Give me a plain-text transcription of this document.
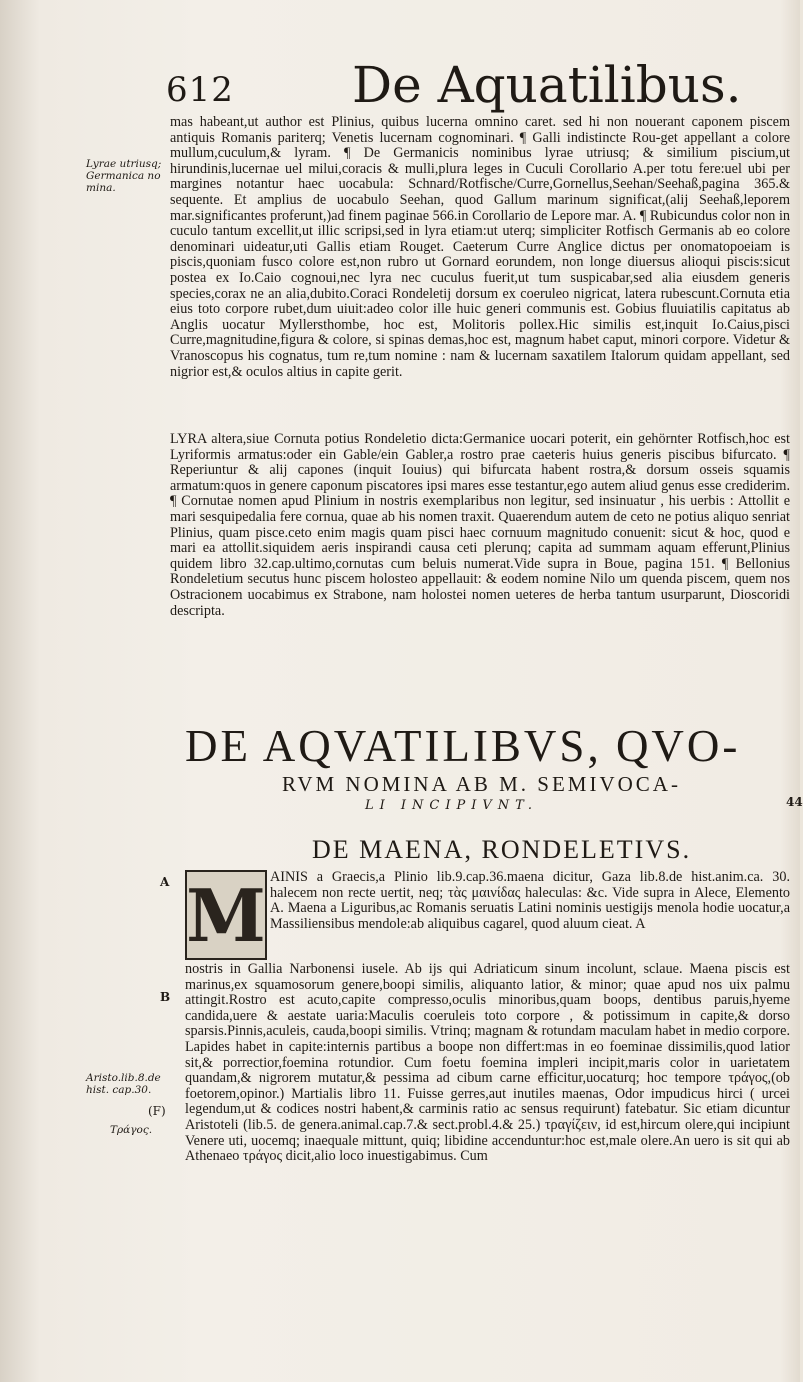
612 De Aquatilibus.
Lyrae utriusq; Germanica no mina.
mas habeant,ut author est Plinius, quibus lucerna omnino caret. sed hi non nouerant caponem piscem antiquis Romanis pariterq; Venetis lucernam cognominari. ¶ Galli indistincte Rou-get appellant a colore mullum,cuculum,& lyram. ¶ De Germanicis nominibus lyrae utriusq; & similium piscium,ut hirundinis,lucernae uel milui,coracis & mulli,plura leges in Cuculi Corollario A.per totu fere:uel ubi per margines notantur haec uocabula: Schnard/Rotfische/Curre,Gornellus,Seehan/Seehaß,pagina 365.& sequente. Et amplius de uocabulo Seehan, quod Gallum marinum significat,(alij Seehaß,leporem mar.significantes proferunt,)ad finem paginae 566.in Corollario de Lepore mar. A. ¶ Rubicundus color non in cuculo tantum excellit,ut illic scripsi,sed in lyra etiam:ut uterq; simpliciter Rotfisch Germanis ab eo colore denominari uideatur,uti Gallis etiam Rouget. Caeterum Curre Anglice dictus per onomatopoeiam is piscis,quoniam fusco colore est,non rubro ut Gornard eorundem, non longe diuersus alioqui piscis:sicut postea ex Io.Caio cognoui,nec lyra nec cuculus fuerit,ut tum suspicabar,sed alia eiusdem generis species,corax ne an alia,dubito.Coraci Rondeletij dorsum ex coeruleo nigricat, latera rubescunt.Cornuta etia eius toto corpore rubet,dum uiuit:adeo color ille huic generi communis est. Gobius fluuiatilis capitatus ab Anglis uocatur Myllersthombe, hoc est, Molitoris pollex.Hic similis est,inquit Io.Caius,pisci Curre,magnitudine,figura & colore, si spinas demas,hoc est, magnum habet caput, minori corpore. Videtur & Vranoscopus his cognatus, tum re,tum nomine : nam & lucernam saxatilem Italorum quidam appellant, sed nigrior est,& oculos altius in capite gerit.
LYRA altera,siue Cornuta potius Rondeletio dicta:Germanice uocari poterit, ein gehörnter Rotfisch,hoc est Lyriformis armatus:oder ein Gable/ein Gabler,a rostro prae caeteris huius generis piscibus bifurcato. ¶ Reperiuntur & alij capones (inquit Iouius) qui bifurcata habent rostra,& dorsum osseis squamis armatum:quos in genere caponum piscatores ipsi mares esse testantur,ego autem aliud genus esse crediderim. ¶ Cornutae nomen apud Plinium in nostris exemplaribus non legitur, sed insinuatur , his uerbis : Attollit e mari sesquipedalia fere cornua, quae ab his nomen traxit. Quaerendum autem de ceto ne potius aliquo senriat Plinius, quam pisce.ceto enim magis quam pisci haec cornuum magnitudo conuenit: sicut & hoc, quod e mari ea attollit.siquidem aeris inspirandi causa ceti plerunq; capita ad summam aquam efferunt,Plinius quidem libro 32.cap.ultimo,cornutas cum beluis numerat.Vide supra in Boue, pagina 151. ¶ Bellonius Rondeletium secutus hunc piscem holosteo appellauit: & eodem nomine Nilo um quenda piscem, quem nos Ostracionem uocabimus ex Strabone, nam holostei nomen ueteres de herba tantum usurparunt, Dioscoridi descripta.
DE AQVATILIBVS, QVO-
44
RVM NOMINA AB M. SEMIVOCA-
LI INCIPIVNT.
DE MAENA, RONDELETIVS.
A M AINIS a Graecis,a Plinio lib.9.cap.36.maena dicitur, Gaza lib.8.de hist.anim.ca. 30. halecem non recte uertit, neq; τὰς μαινίδας haleculas: &c. Vide supra in Alece, Elemento A. Maena a Liguribus,ac Romanis seruatis Latini nominis uestigijs menola hodie uocatur,a Massiliensibus mendole:ab aliquibus cagarel, quod aluum cieat. A
B
Aristo.lib.8.de hist. cap.30.
(F)
Τράγος.
nostris in Gallia Narbonensi iusele. Ab ijs qui Adriaticum sinum incolunt, sclaue. Maena piscis est marinus,ex squamosorum genere,boopi similis, aliquanto latior, & minor; quae apud nos uix palmu attingit.Rostro est acuto,capite compresso,oculis minoribus,quam boops, dentibus paruis,hyeme candida,uere & aestate uaria:Maculis coeruleis toto corpore , & potissimum in capite,& dorso sparsis.Pinnis,aculeis, cauda,boopi similis. Vtrinq; magnam & rotundam maculam habet in medio corpore. Lapides habet in capite:internis partibus a boope non differt:mas in eo foeminae dissimilis,quod latior sit,& porrectior,foemina rotundior. Cum foetu foemina impleri incipit,maris color in uarietatem quandam,& nigrorem mutatur,& pessima ad cibum carne efficitur,uocaturq; hoc tempore τράγος,(ob foetorem,opinor.) Martialis libro 11. Fuisse gerres,aut inutiles maenas, Odor impudicus hirci ( urcei legendum,ut & codices nostri habent,& carminis ratio ac sensus requirunt) fatebatur. Sic etiam dicuntur Aristoteli (lib.5. de genera.animal.cap.7.& sect.probl.4.& 25.) τραγίζειν, id est,hircum olere,qui incipiunt Venere uti, uocemq; inaequale mittunt, quiq; libidine accenduntur:hoc est,male olere.An uero is sit qui ab Athenaeo τράγος dicit,alio loco inuestigabimus. Cum
